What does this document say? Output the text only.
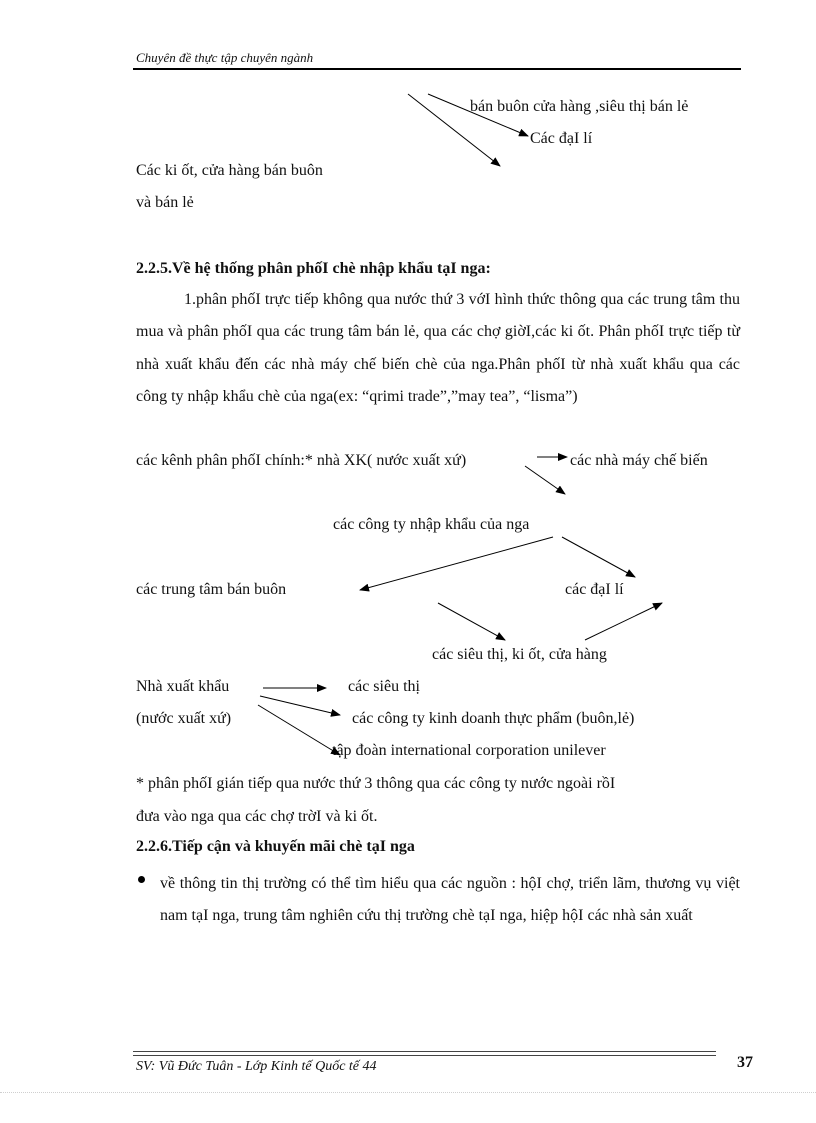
Chuyên đề thực tập chuyên ngành
bán buôn cửa hàng ,siêu thị bán lẻ
Các đạI lí
Các ki ốt, cửa hàng bán buôn
và bán lẻ
2.2.5.Về hệ thống phân phốI chè nhập khẩu tạI nga:
1.phân phốI trực tiếp không qua nước thứ 3 vớI hình thức thông qua các trung tâm thu mua và phân phốI qua các trung tâm bán lẻ, qua các chợ giờI,các ki ốt. Phân phốI trực tiếp từ nhà xuất khẩu đến các nhà máy chế biến chè của nga.Phân phốI từ nhà xuất khẩu qua các công ty nhập khẩu chè của nga(ex: “qrimi trade”,”may tea”, “lisma”)
các kênh phân phốI chính:* nhà XK( nước xuất xứ)	các nhà máy chế biến
các công ty nhập khẩu của nga
các trung tâm bán buôn	các đạI lí
các siêu thị, ki ốt, cửa hàng
Nhà xuất khẩu
(nước xuất xứ)
các siêu thị
các công ty kinh doanh thực phẩm (buôn,lẻ)
tập đoàn international corporation unilever
* phân phốI gián tiếp qua nước thứ 3 thông qua các công ty nước ngoài rồI
đưa vào nga qua các chợ trờI và ki ốt.
2.2.6.Tiếp cận và khuyến mãi chè tạI nga
về thông tin thị trường có thể tìm hiểu qua các nguồn : hộI chợ, triển lãm, thương vụ việt nam tạI nga, trung tâm nghiên cứu thị trường chè tạI nga, hiệp hộI các nhà sản xuất
SV: Vũ Đức Tuân - Lớp Kinh tế Quốc tế 44	37
